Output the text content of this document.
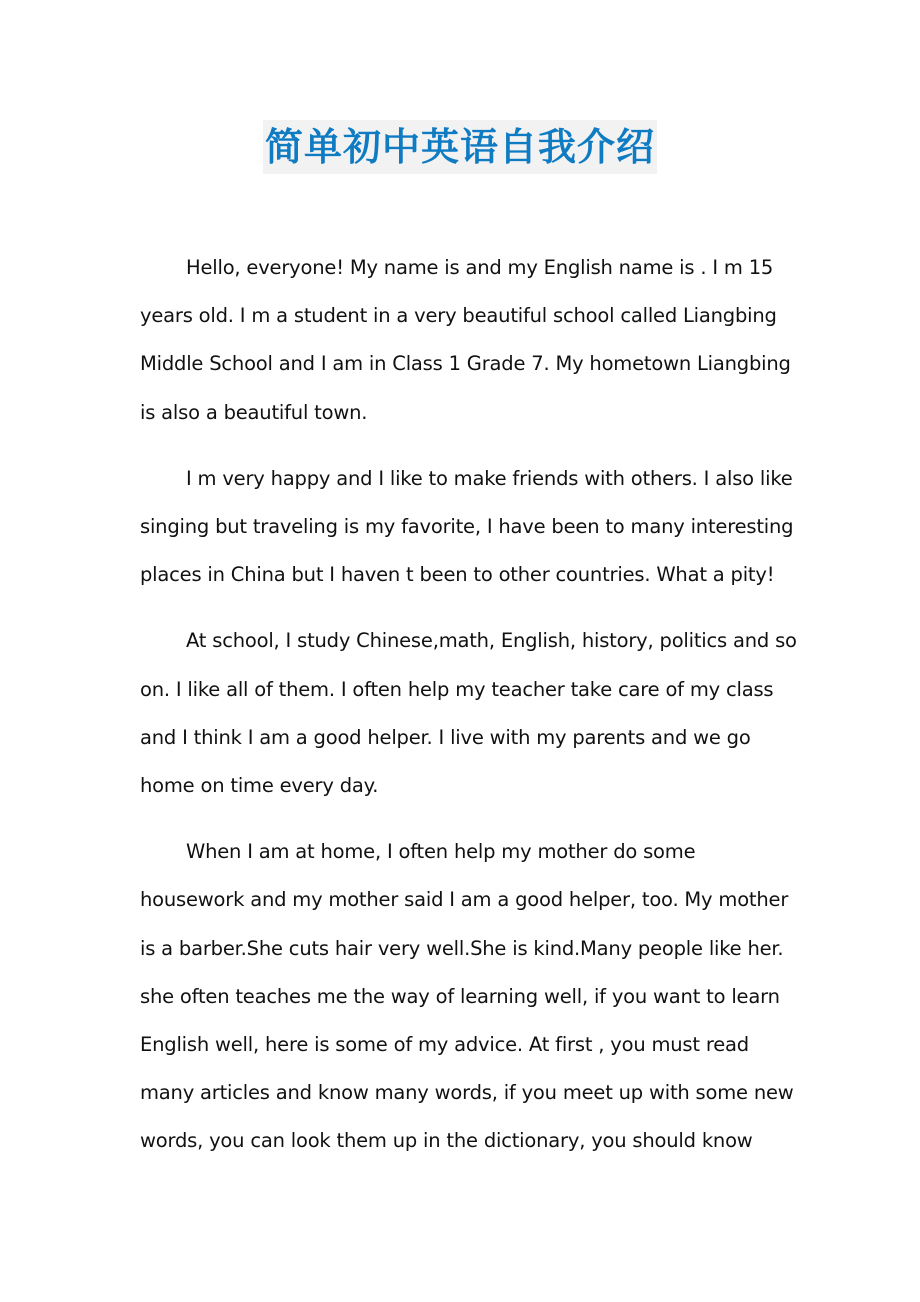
简单初中英语自我介绍
Hello, everyone! My name is and my English name is . I m 15
years old. I m a student in a very beautiful school called Liangbing
Middle School and I am in Class 1 Grade 7. My hometown Liangbing
is also a beautiful town.
I m very happy and I like to make friends with others. I also like
singing but traveling is my favorite, I have been to many interesting
places in China but I haven t been to other countries. What a pity!
At school, I study Chinese,math, English, history, politics and so
on. I like all of them. I often help my teacher take care of my class
and I think I am a good helper. I live with my parents and we go
home on time every day.
When I am at home, I often help my mother do some
housework and my mother said I am a good helper, too. My mother
is a barber.She cuts hair very well.She is kind.Many people like her.
she often teaches me the way of learning well, if you want to learn
English well, here is some of my advice. At first , you must read
many articles and know many words, if you meet up with some new
words, you can look them up in the dictionary, you should know
